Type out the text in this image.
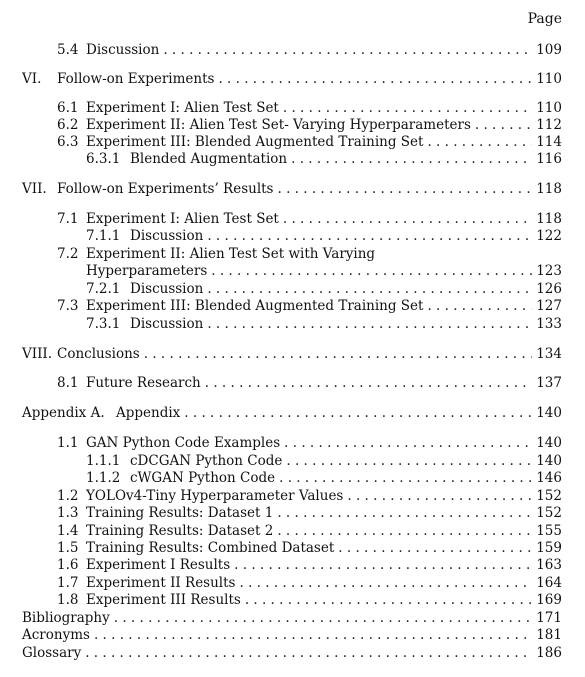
Page
5.4 Discussion . . .	109
VI.	Follow-on Experiments . . .	110
6.1 Experiment I: Alien Test Set . . .	110
6.2 Experiment II: Alien Test Set- Varying Hyperparameters . . .	112
6.3 Experiment III: Blended Augmented Training Set . . .	114
6.3.1 Blended Augmentation . . .	116
VII. Follow-on Experiments’ Results . . .	118
7.1 Experiment I: Alien Test Set . . .	118
7.1.1 Discussion . . .	122
7.2 Experiment II: Alien Test Set with Varying
Hyperparameters . . .	123
7.2.1 Discussion . . .	126
7.3 Experiment III: Blended Augmented Training Set . . .	127
7.3.1 Discussion . . .	133
VIII. Conclusions . . .	134
8.1 Future Research . . .	137
Appendix A. Appendix . . .	140
1.1 GAN Python Code Examples . . .	140
1.1.1 cDCGAN Python Code . . .	140
1.1.2 cWGAN Python Code . . .	146
1.2 YOLOv4-Tiny Hyperparameter Values . . .	152
1.3 Training Results: Dataset 1 . . .	152
1.4 Training Results: Dataset 2 . . .	155
1.5 Training Results: Combined Dataset . . .	159
1.6 Experiment I Results . . .	163
1.7 Experiment II Results . . .	164
1.8 Experiment III Results . . .	169
Bibliography . . .	171
Acronyms . . .	181
Glossary . . .	186
